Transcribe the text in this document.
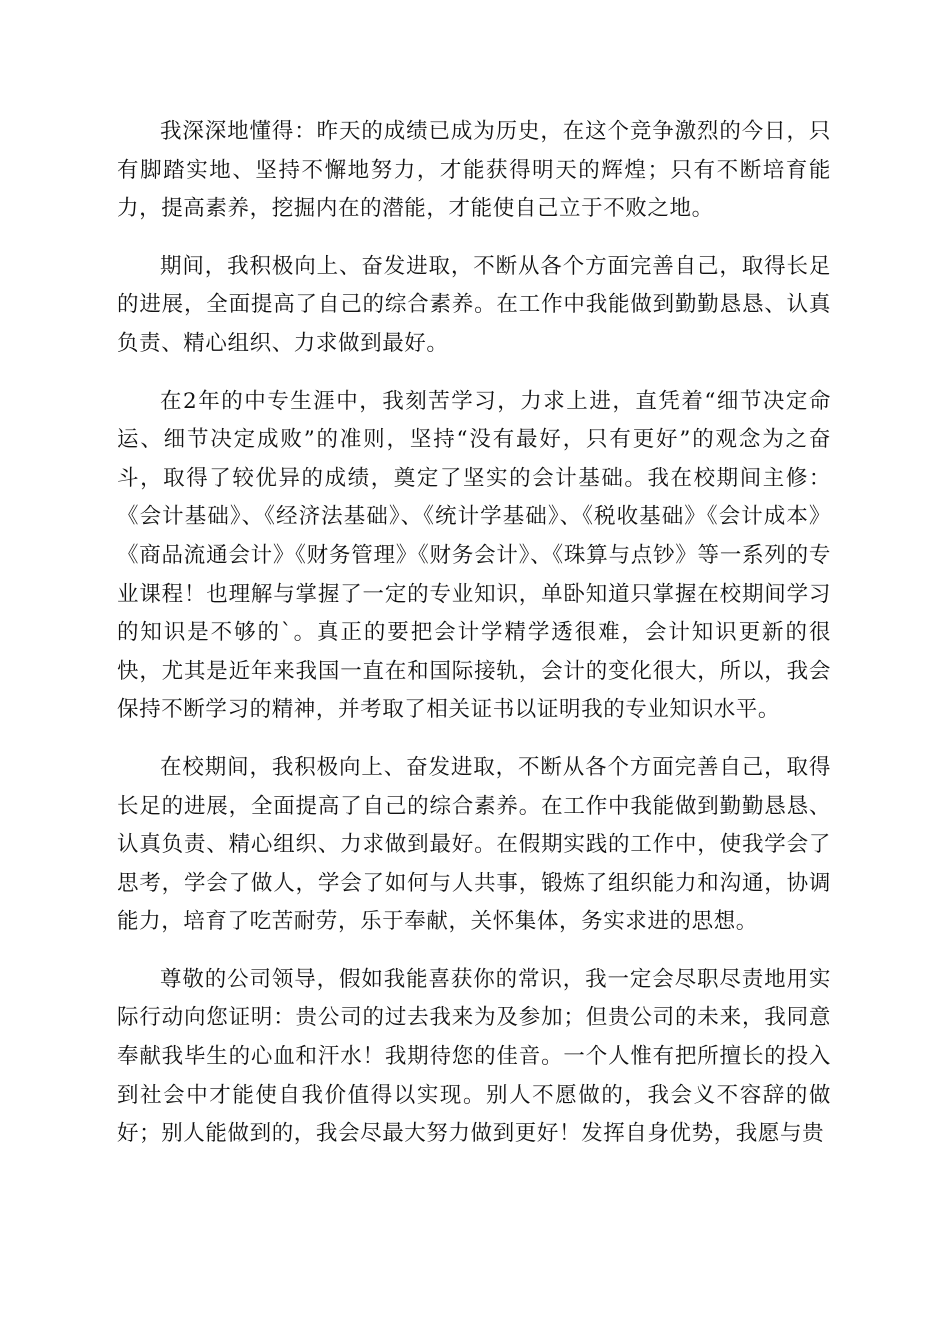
我深深地懂得：昨天的成绩已成为历史，在这个竞争激烈的今日，只有脚踏实地、坚持不懈地努力，才能获得明天的辉煌；只有不断培育能力，提高素养，挖掘内在的潜能，才能使自己立于不败之地。

期间，我积极向上、奋发进取，不断从各个方面完善自己，取得长足的进展，全面提高了自己的综合素养。在工作中我能做到勤勤恳恳、认真负责、精心组织、力求做到最好。

在2年的中专生涯中，我刻苦学习，力求上进，直凭着“细节决定命运、细节决定成败”的准则，坚持“没有最好，只有更好”的观念为之奋斗，取得了较优异的成绩，奠定了坚实的会计基础。我在校期间主修：《会计基础》、《经济法基础》、《统计学基础》、《税收基础》《会计成本》《商品流通会计》《财务管理》《财务会计》、《珠算与点钞》等一系列的专业课程！也理解与掌握了一定的专业知识，单卧知道只掌握在校期间学习的知识是不够的`。真正的要把会计学精学透很难，会计知识更新的很快，尤其是近年来我国一直在和国际接轨，会计的变化很大，所以，我会保持不断学习的精神，并考取了相关证书以证明我的专业知识水平。

在校期间，我积极向上、奋发进取，不断从各个方面完善自己，取得长足的进展，全面提高了自己的综合素养。在工作中我能做到勤勤恳恳、认真负责、精心组织、力求做到最好。在假期实践的工作中，使我学会了思考，学会了做人，学会了如何与人共事，锻炼了组织能力和沟通，协调能力，培育了吃苦耐劳，乐于奉献，关怀集体，务实求进的思想。

尊敬的公司领导，假如我能喜获你的常识，我一定会尽职尽责地用实际行动向您证明：贵公司的过去我来为及参加；但贵公司的未来，我同意奉献我毕生的心血和汗水！我期待您的佳音。一个人惟有把所擅长的投入到社会中才能使自我价值得以实现。别人不愿做的，我会义不容辞的做好；别人能做到的，我会尽最大努力做到更好！发挥自身优势，我愿与贵
